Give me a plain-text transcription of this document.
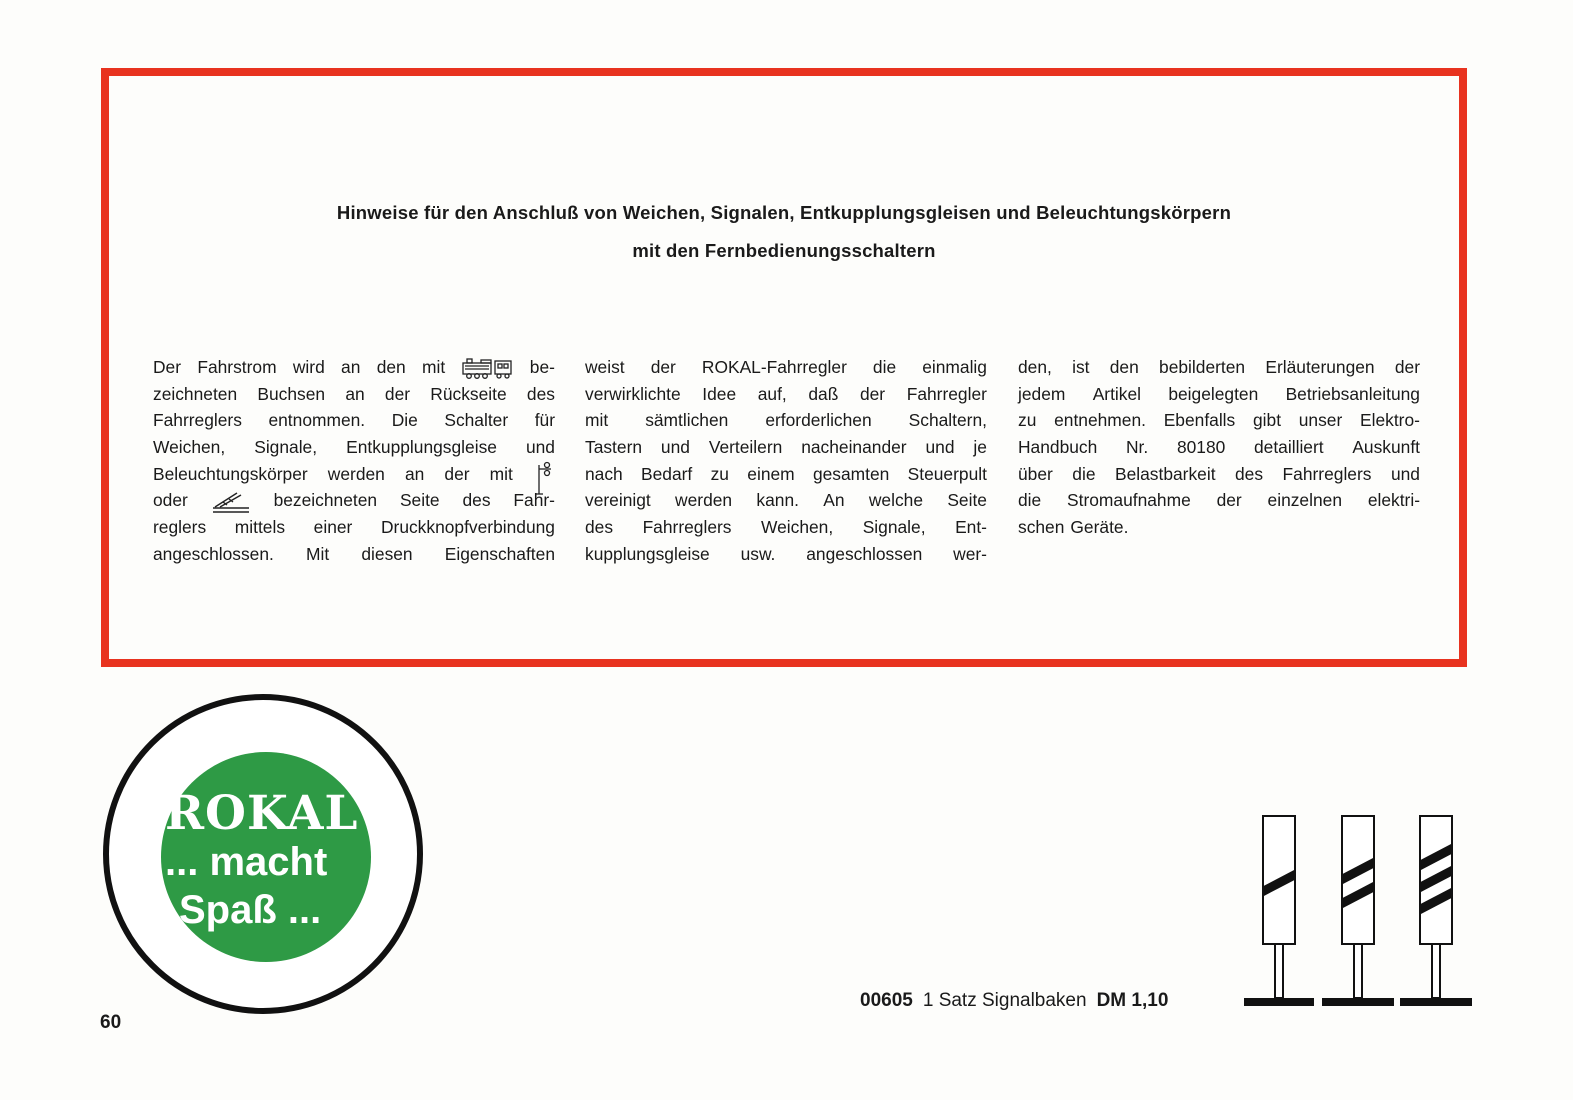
Hinweise für den Anschluß von Weichen, Signalen, Entkupplungsgleisen und Beleuchtungskörpern
mit den Fernbedienungsschaltern
Der Fahrstrom wird an den mit	be-
zeichneten Buchsen an der Rückseite des
Fahrreglers entnommen. Die Schalter für
Weichen, Signale, Entkupplungsgleise und
Beleuchtungskörper werden an der mit
oder	bezeichneten Seite des Fahr-
reglers mittels einer Druckknopfverbindung
angeschlossen. Mit diesen Eigenschaften
weist der ROKAL-Fahrregler die einmalig
verwirklichte Idee auf, daß der Fahrregler
mit sämtlichen erforderlichen Schaltern,
Tastern und Verteilern nacheinander und je
nach Bedarf zu einem gesamten Steuerpult
vereinigt werden kann. An welche Seite
des Fahrreglers Weichen, Signale, Ent-
kupplungsgleise usw. angeschlossen wer-
den, ist den bebilderten Erläuterungen der
jedem Artikel beigelegten Betriebsanleitung
zu entnehmen. Ebenfalls gibt unser Elektro-
Handbuch Nr. 80180 detailliert Auskunft
über die Belastbarkeit des Fahrreglers und
die Stromaufnahme der einzelnen elektri-
schen Geräte.
ROKAL
... macht
Spaß ...
60
00605 1 Satz Signalbaken DM 1,10
